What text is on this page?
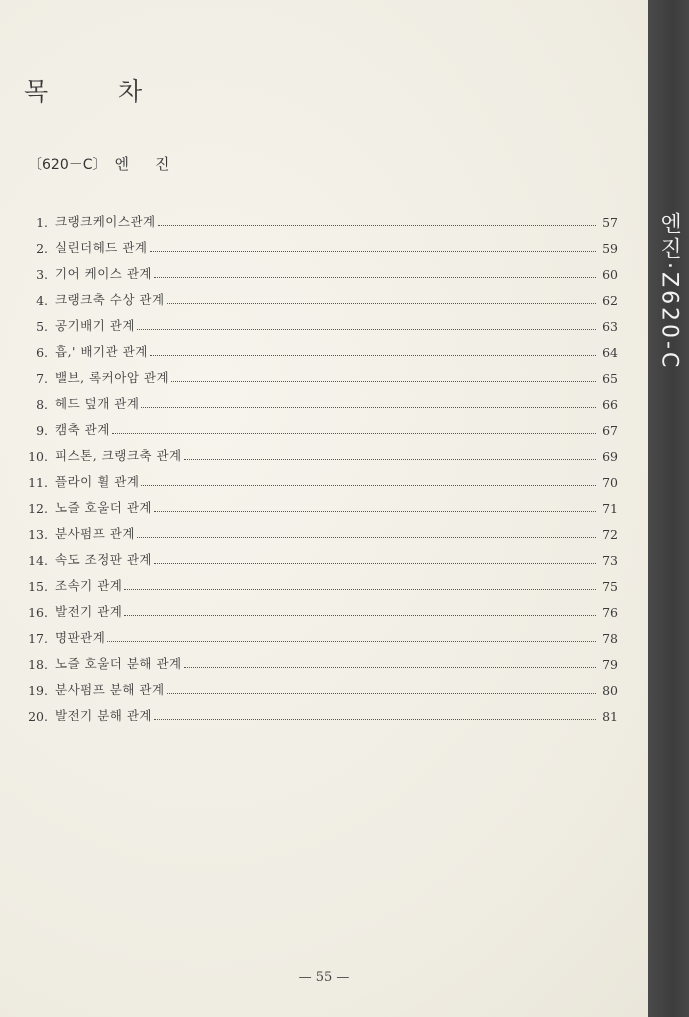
목	차
〔620－C〕 엔 진
1. 크랭크케이스관계	57
2. 실린더헤드 관계	59
3. 기어 케이스 관계	60
4. 크랭크축 수상 관계	62
5. 공기배기 관계	63
6. 흡,' 배기관 관계	64
7. 밸브, 록커아암 관계	65
8. 헤드 덮개 관계	66
9. 캠축 관계	67
10. 피스톤, 크랭크축 관계	69
11. 플라이 휠 관계	70
12. 노즐 호울더 관계	71
13. 분사펌프 관계	72
14. 속도 조정판 관계	73
15. 조속기 관계	75
16. 발전기 관계	76
17. 명판관계	78
18. 노즐 호울더 분해 관계	79
19. 분사펌프 분해 관계	80
20. 발전기 분해 관계	81
— 55 —
엔진·Z620-C
